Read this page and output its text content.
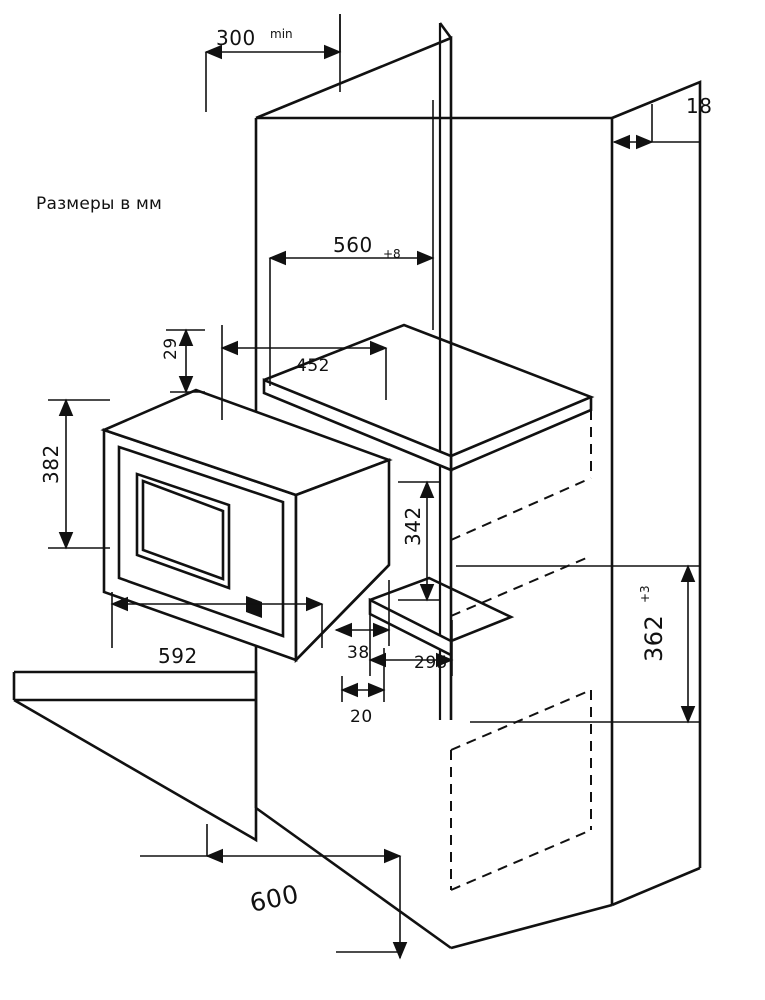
Размеры в мм
300 min
18
560 +8
452
29
382
342
362
+3
592	38	295
20
600
